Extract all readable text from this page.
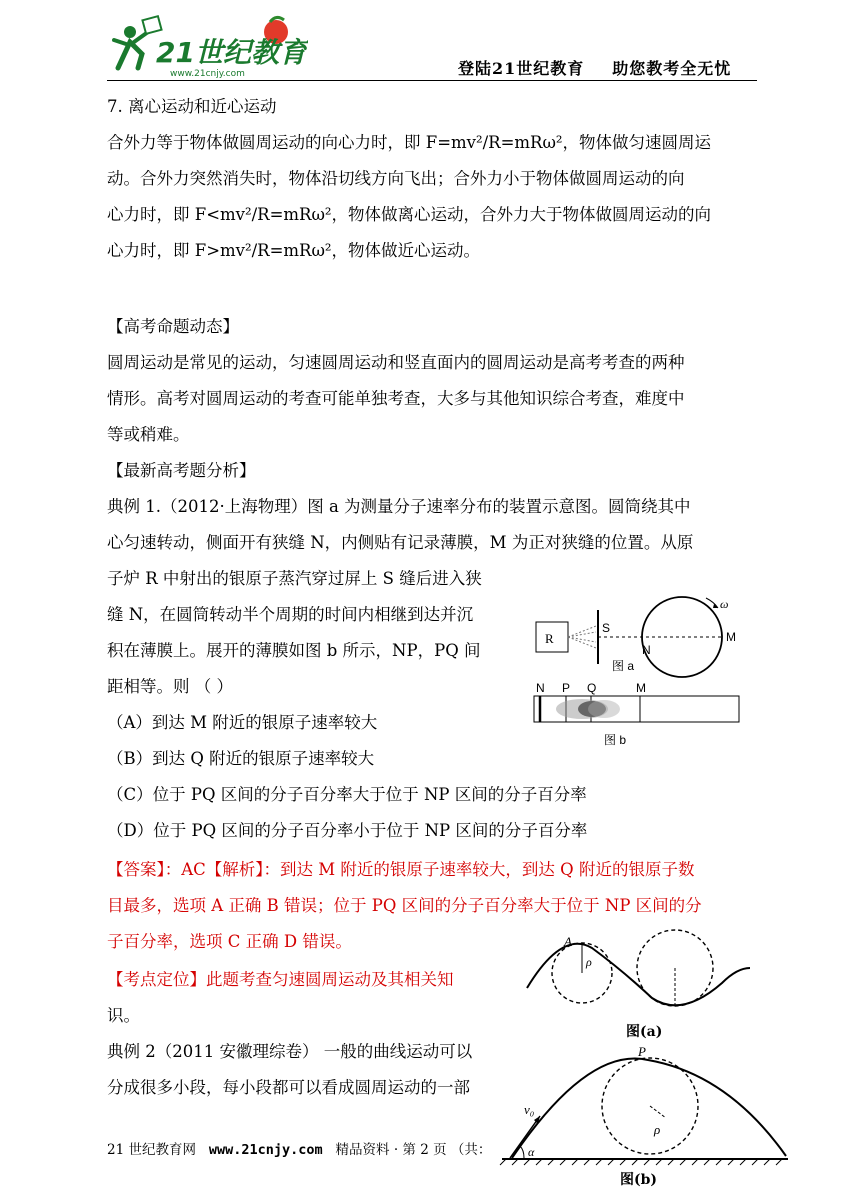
21世纪教育
www.21cnjy.com	登陆21世纪教育 助您教考全无忧
7. 离心运动和近心运动
合外力等于物体做圆周运动的向心力时，即 F=mv²/R=mRω²，物体做匀速圆周运
动。合外力突然消失时，物体沿切线方向飞出；合外力小于物体做圆周运动的向
心力时，即 F<mv²/R=mRω²，物体做离心运动，合外力大于物体做圆周运动的向
心力时，即 F>mv²/R=mRω²，物体做近心运动。
【高考命题动态】
圆周运动是常见的运动，匀速圆周运动和竖直面内的圆周运动是高考考查的两种
情形。高考对圆周运动的考查可能单独考查，大多与其他知识综合考查，难度中
等或稍难。
【最新高考题分析】
典例 1.（2012·上海物理）图 a 为测量分子速率分布的装置示意图。圆筒绕其中
心匀速转动，侧面开有狭缝 N，内侧贴有记录薄膜，M 为正对狭缝的位置。从原
子炉 R 中射出的银原子蒸汽穿过屏上 S 缝后进入狭
缝 N，在圆筒转动半个周期的时间内相继到达并沉
积在薄膜上。展开的薄膜如图 b 所示，NP，PQ 间
距相等。则 （ ）
（A）到达 M 附近的银原子速率较大
（B）到达 Q 附近的银原子速率较大
（C）位于 PQ 区间的分子百分率大于位于 NP 区间的分子百分率
（D）位于 PQ 区间的分子百分率小于位于 NP 区间的分子百分率
【答案】：AC【解析】：到达 M 附近的银原子速率较大，到达 Q 附近的银原子数
目最多，选项 A 正确 B 错误；位于 PQ 区间的分子百分率大于位于 NP 区间的分
子百分率，选项 C 正确 D 错误。
【考点定位】此题考查匀速圆周运动及其相关知
识。
典例 2（2011 安徽理综卷） 一般的曲线运动可以
分成很多小段，每小段都可以看成圆周运动的一部
R
S
ω
M
N
图 a
N P Q	M
图 b
ρ
A
图(a)
ρ
P
v₀
α
图(b)
21 世纪教育网 www.21cnjy.com 精品资料 · 第 2 页 （共：
